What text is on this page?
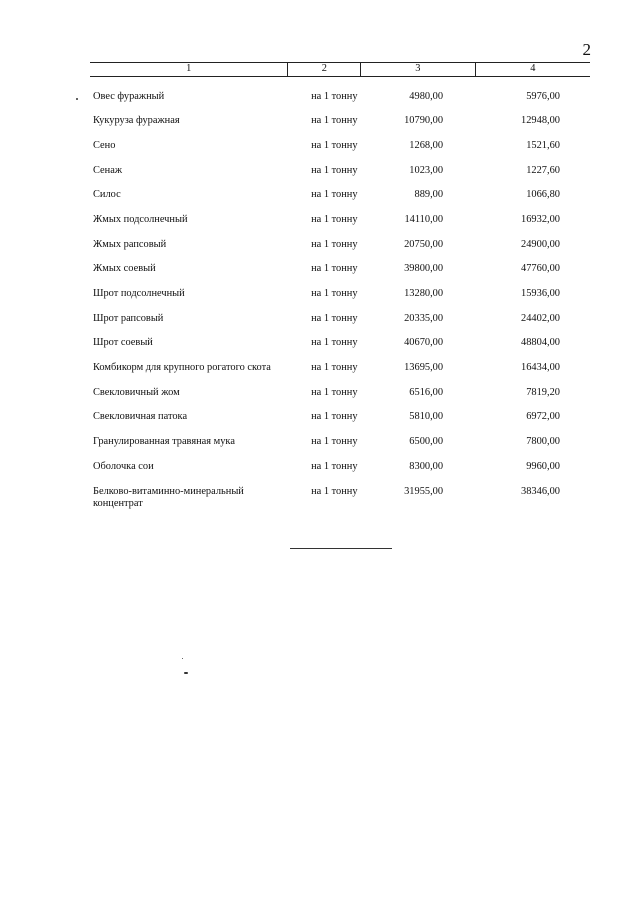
2
1	2	3	4
Овес фуражный	на 1 тонну	4980,00	5976,00
Кукуруза фуражная	на 1 тонну	10790,00	12948,00
Сено	на 1 тонну	1268,00	1521,60
Сенаж	на 1 тонну	1023,00	1227,60
Силос	на 1 тонну	889,00	1066,80
Жмых подсолнечный	на 1 тонну	14110,00	16932,00
Жмых рапсовый	на 1 тонну	20750,00	24900,00
Жмых соевый	на 1 тонну	39800,00	47760,00
Шрот подсолнечный	на 1 тонну	13280,00	15936,00
Шрот рапсовый	на 1 тонну	20335,00	24402,00
Шрот соевый	на 1 тонну	40670,00	48804,00
Комбикорм для крупного рогатого скота	на 1 тонну	13695,00	16434,00
Свекловичный жом	на 1 тонну	6516,00	7819,20
Свекловичная патока	на 1 тонну	5810,00	6972,00
Гранулированная травяная мука	на 1 тонну	6500,00	7800,00
Оболочка сои	на 1 тонну	8300,00	9960,00
Белково-витаминно-минеральный концентрат	на 1 тонну	31955,00	38346,00
